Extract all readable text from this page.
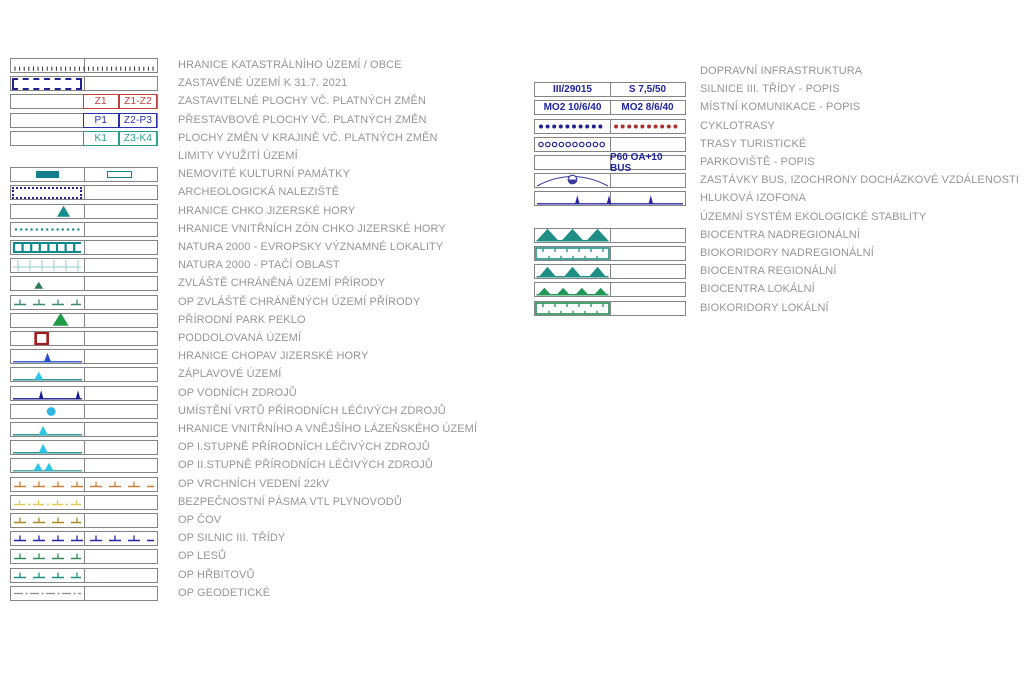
HRANICE KATASTRÁLNÍHO ÚZEMÍ / OBCE
ZASTAVĚNÉ ÚZEMÍ K 31.7. 2021
Z1	Z1-Z2	ZASTAVITELNÉ PLOCHY VČ. PLATNÝCH ZMĚN
P1	Z2-P3	PŘESTAVBOVÉ PLOCHY VČ. PLATNÝCH ZMĚN
K1	Z3-K4	PLOCHY ZMĚN V KRAJINĚ VČ. PLATNÝCH ZMĚN
LIMITY VYUŽITÍ ÚZEMÍ
NEMOVITÉ KULTURNÍ PAMÁTKY
ARCHEOLOGICKÁ NALEZIŠTĚ
HRANICE CHKO JIZERSKÉ HORY
HRANICE VNITŘNÍCH ZÓN CHKO JIZERSKÉ HORY
NATURA 2000 - EVROPSKY VÝZNAMNÉ LOKALITY
NATURA 2000 - PTAČÍ OBLAST
ZVLÁŠTĚ CHRÁNĚNÁ ÚZEMÍ PŘÍRODY
OP ZVLÁŠTĚ CHRÁNĚNÝCH ÚZEMÍ PŘÍRODY
PŘÍRODNÍ PARK PEKLO
PODDOLOVANÁ ÚZEMÍ
HRANICE CHOPAV JIZERSKÉ HORY
ZÁPLAVOVÉ ÚZEMÍ
OP VODNÍCH ZDROJŮ
UMÍSTĚNÍ VRTŮ PŘÍRODNÍCH LÉČIVÝCH ZDROJŮ
HRANICE VNITŘNÍHO A VNĚJŠÍHO LÁZEŇSKÉHO ÚZEMÍ
OP I.STUPNĚ PŘÍRODNÍCH LÉČIVÝCH ZDROJŮ
OP II.STUPNĚ PŘÍRODNÍCH LÉČIVÝCH ZDROJŮ
OP VRCHNÍCH VEDENÍ 22kV
BEZPEČNOSTNÍ PÁSMA VTL PLYNOVODŮ
OP ČOV
OP SILNIC III. TŘÍDY
OP LESŮ
OP HŘBITOVŮ
OP GEODETICKÉ
DOPRAVNÍ INFRASTRUKTURA
III/29015	S 7,5/50	SILNICE III. TŘÍDY - POPIS
MO2 10/6/40	MO2 8/6/40	MÍSTNÍ KOMUNIKACE - POPIS
CYKLOTRASY
TRASY TURISTICKÉ
P60 OA+10 BUS	PARKOVIŠTĚ - POPIS
ZASTÁVKY BUS, IZOCHRONY DOCHÁZKOVÉ VZDÁLENOSTI
HLUKOVÁ IZOFONA
ÚZEMNÍ SYSTÉM EKOLOGICKÉ STABILITY
BIOCENTRA NADREGIONÁLNÍ
BIOKORIDORY NADREGIONÁLNÍ
BIOCENTRA REGIONÁLNÍ
BIOCENTRA LOKÁLNÍ
BIOKORIDORY LOKÁLNÍ
